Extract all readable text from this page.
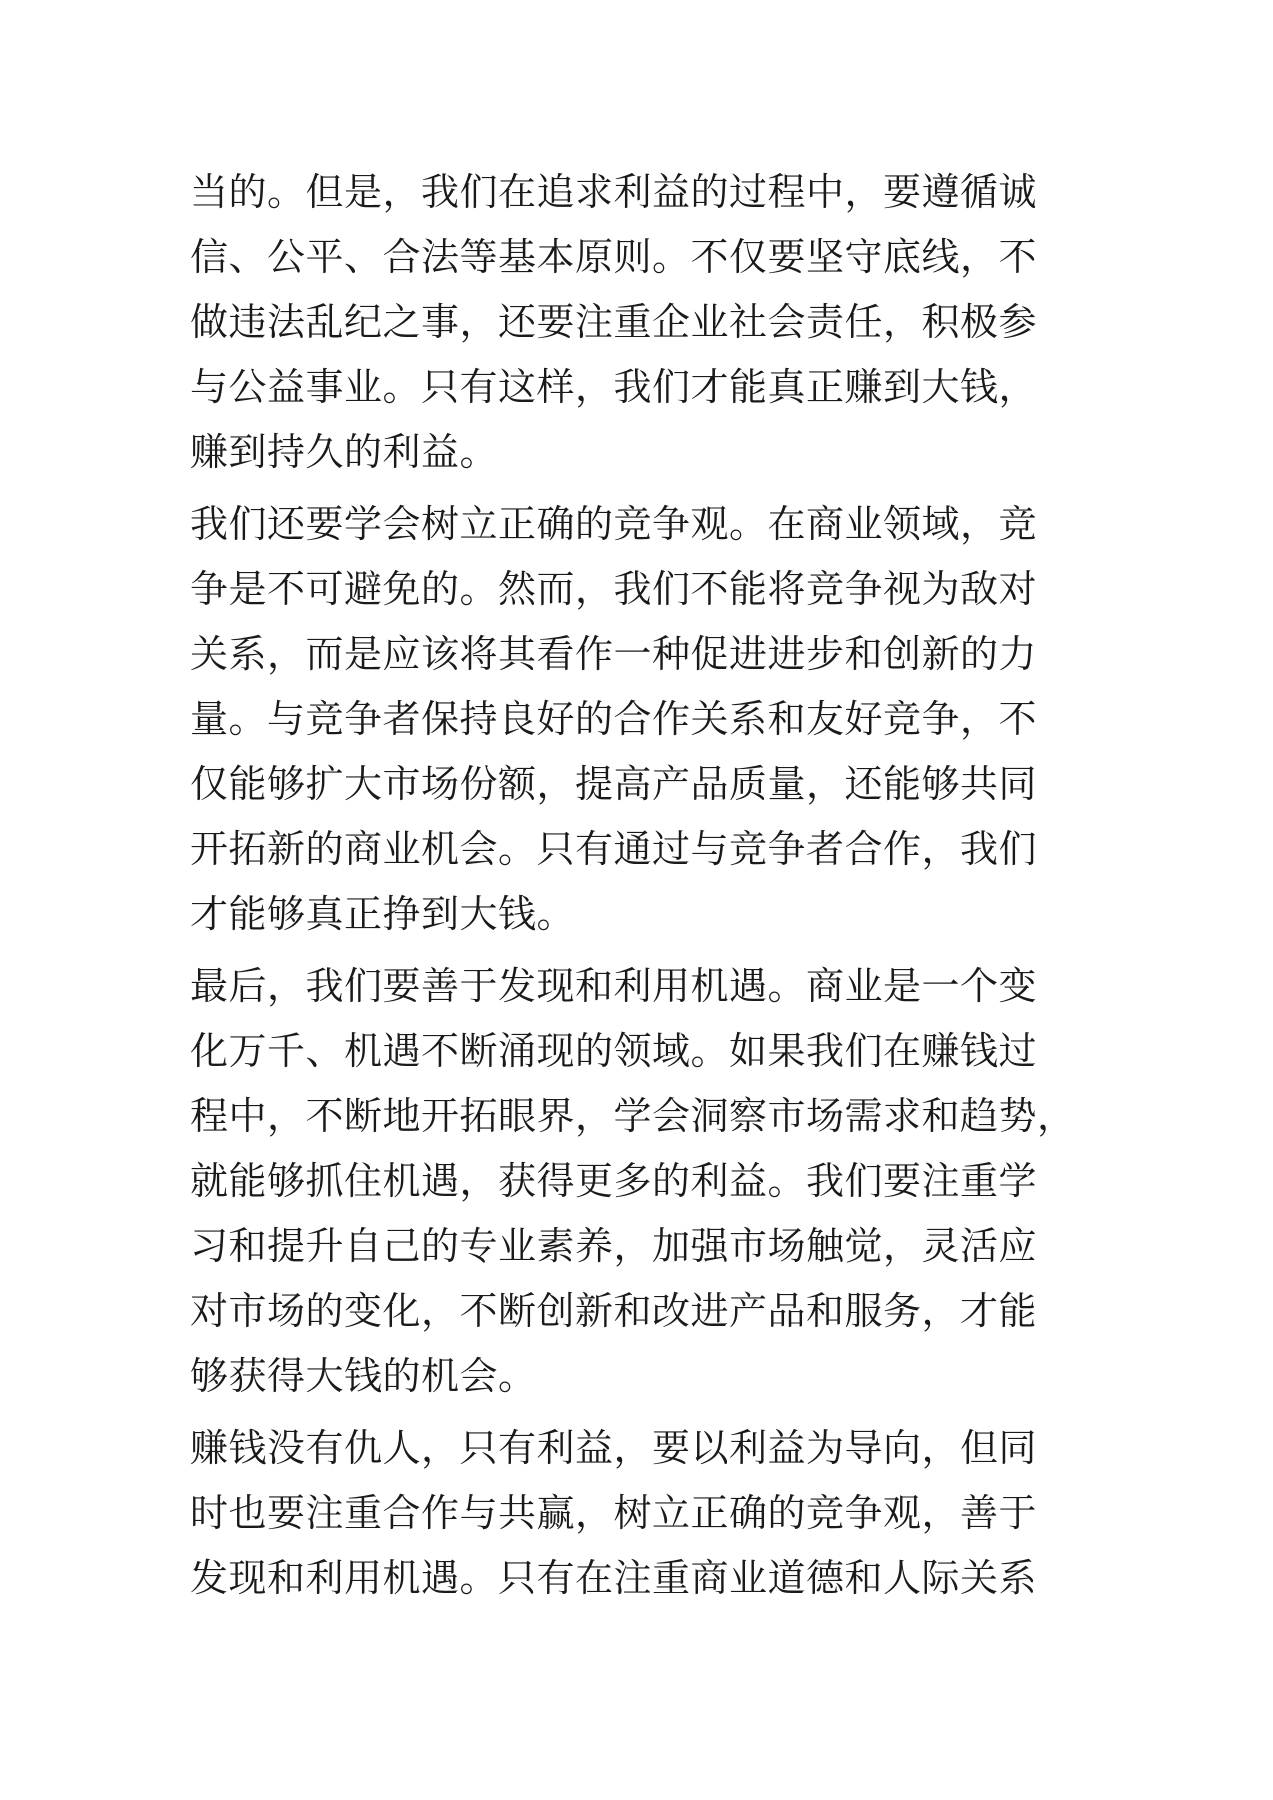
当的。但是，我们在追求利益的过程中，要遵循诚
信、公平、合法等基本原则。不仅要坚守底线，不
做违法乱纪之事，还要注重企业社会责任，积极参
与公益事业。只有这样，我们才能真正赚到大钱，
赚到持久的利益。
我们还要学会树立正确的竞争观。在商业领域，竞
争是不可避免的。然而，我们不能将竞争视为敌对
关系，而是应该将其看作一种促进进步和创新的力
量。与竞争者保持良好的合作关系和友好竞争，不
仅能够扩大市场份额，提高产品质量，还能够共同
开拓新的商业机会。只有通过与竞争者合作，我们
才能够真正挣到大钱。
最后，我们要善于发现和利用机遇。商业是一个变
化万千、机遇不断涌现的领域。如果我们在赚钱过
程中，不断地开拓眼界，学会洞察市场需求和趋势，
就能够抓住机遇，获得更多的利益。我们要注重学
习和提升自己的专业素养，加强市场触觉，灵活应
对市场的变化，不断创新和改进产品和服务，才能
够获得大钱的机会。
赚钱没有仇人，只有利益，要以利益为导向，但同
时也要注重合作与共赢，树立正确的竞争观，善于
发现和利用机遇。只有在注重商业道德和人际关系
